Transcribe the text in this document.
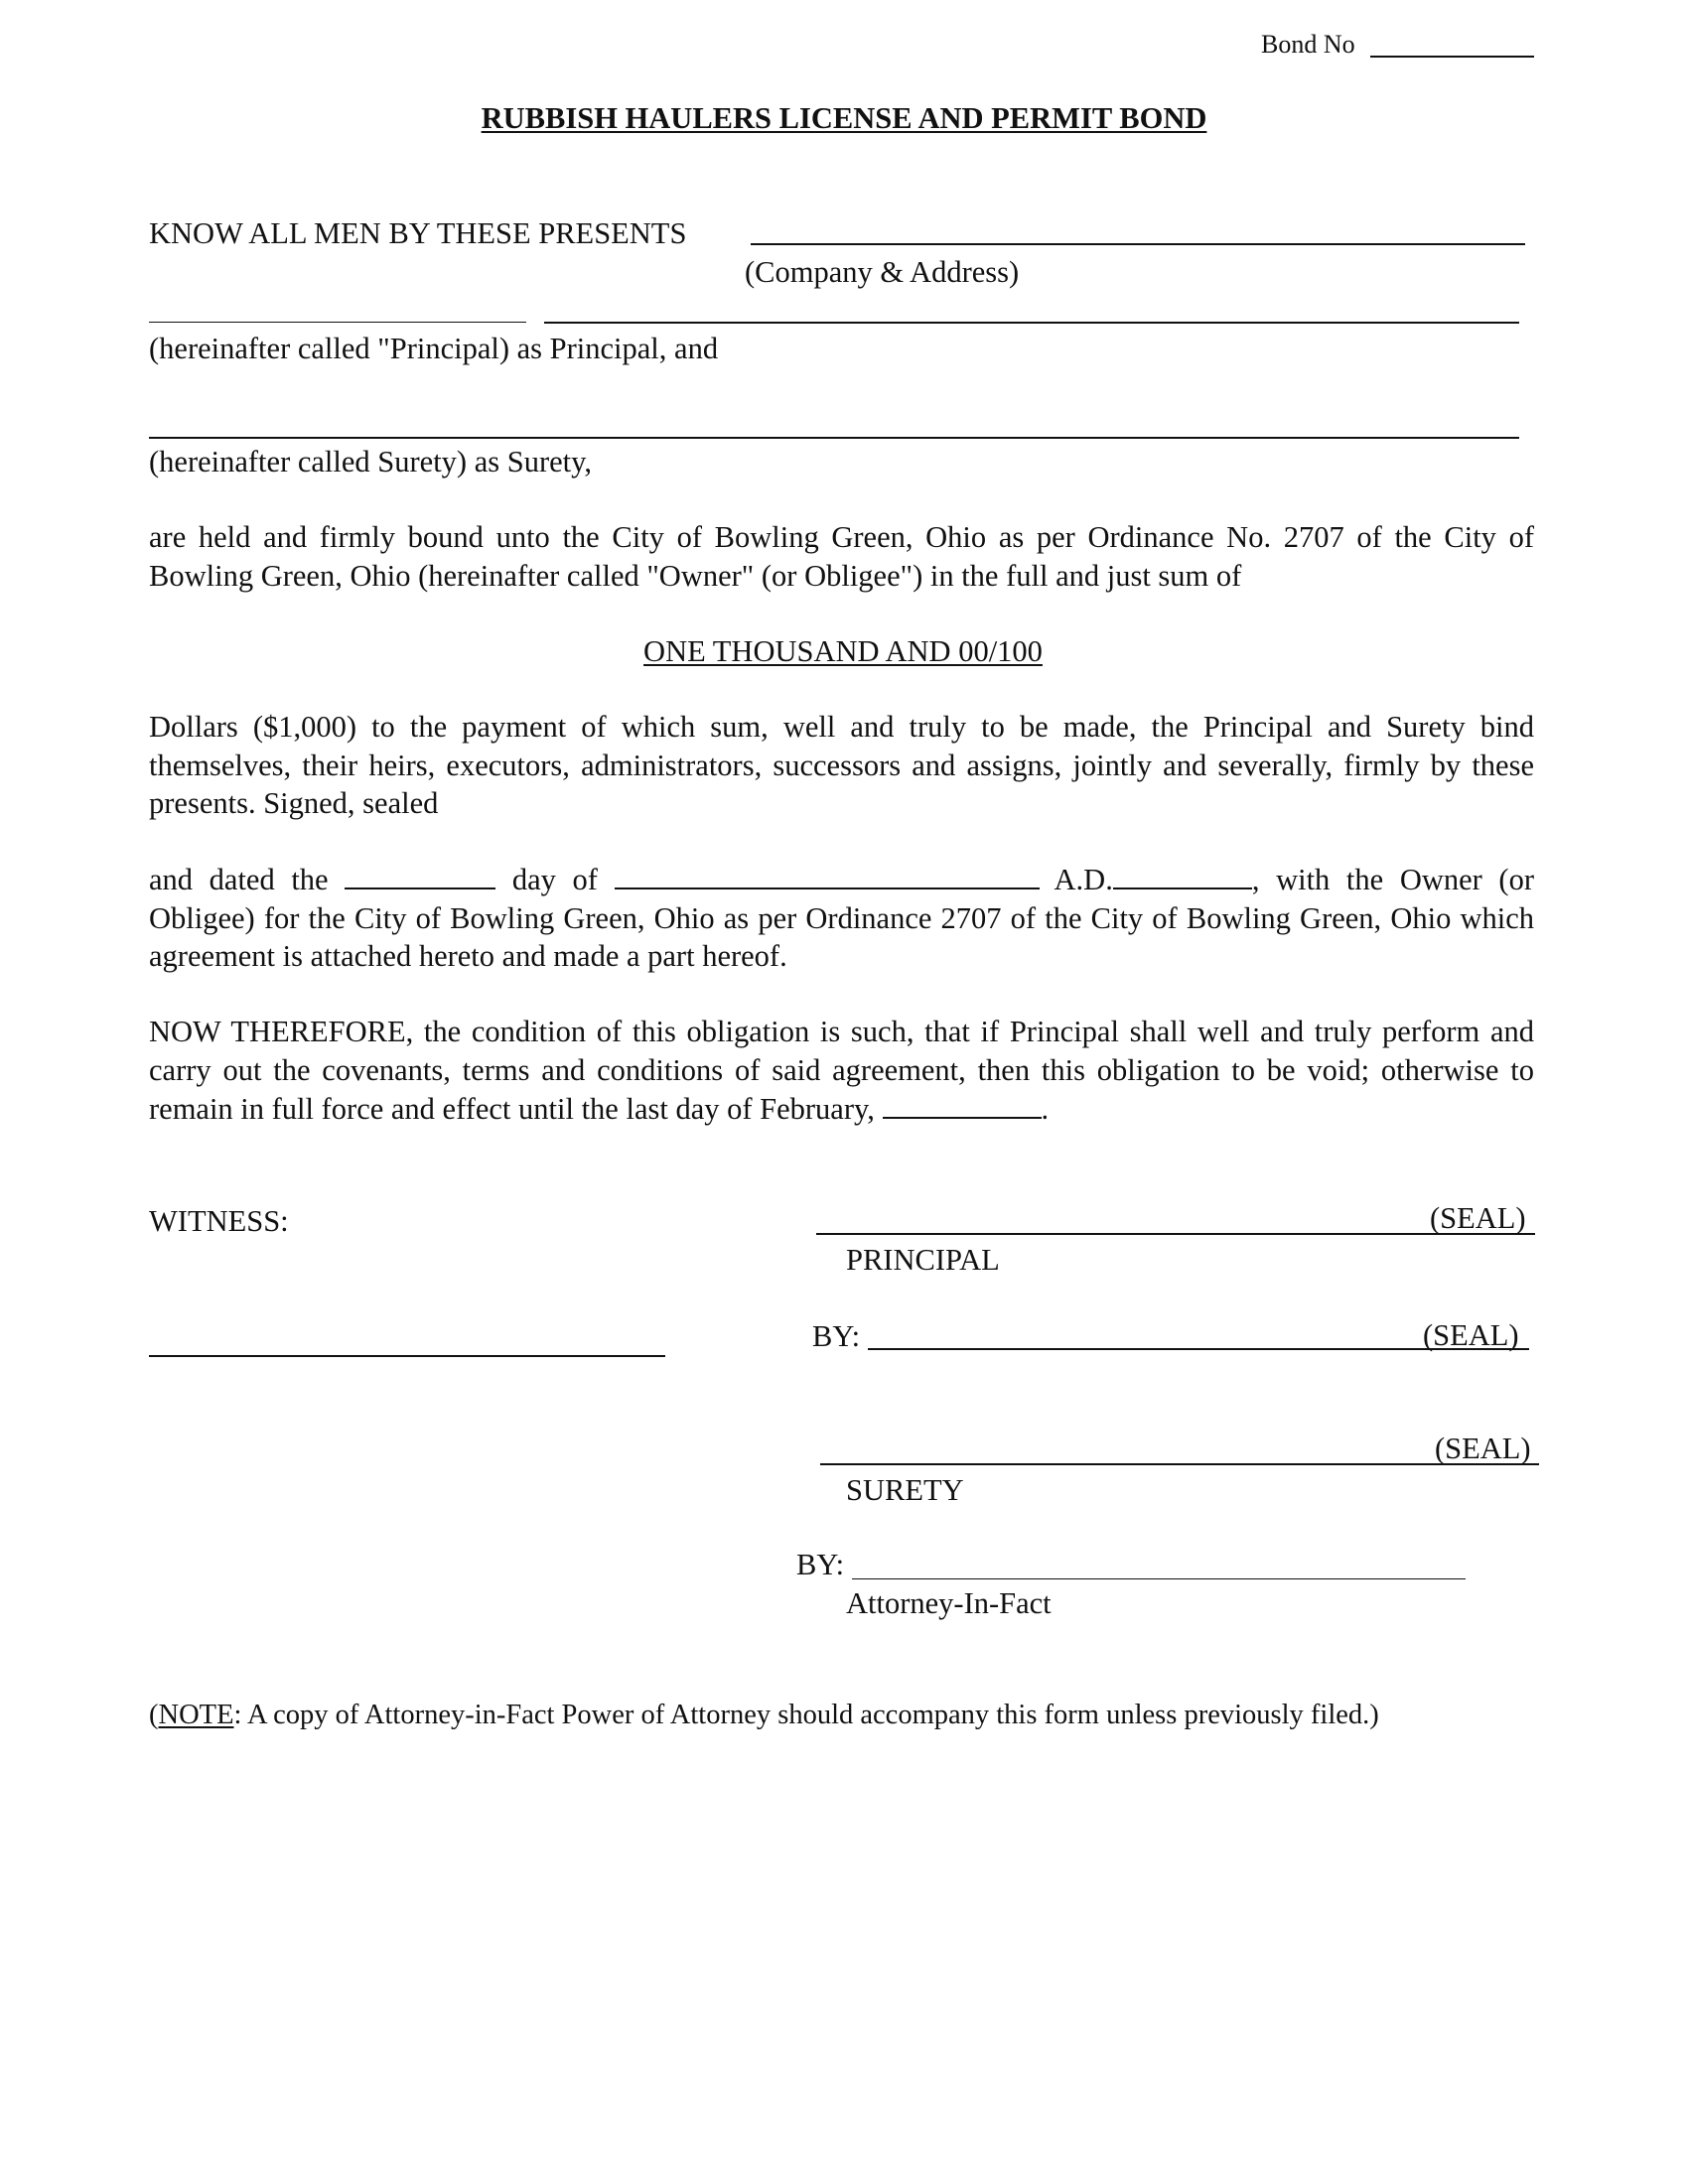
Bond No
RUBBISH HAULERS LICENSE AND PERMIT BOND
KNOW ALL MEN BY THESE PRESENTS
(Company & Address)
(hereinafter called "Principal) as Principal, and
(hereinafter called Surety) as Surety,
are held and firmly bound unto the City of Bowling Green, Ohio as per Ordinance No. 2707 of the City of Bowling Green, Ohio (hereinafter called "Owner" (or Obligee") in the full and just sum of
ONE THOUSAND AND 00/100
Dollars ($1,000) to the payment of which sum, well and truly to be made, the Principal and Surety bind themselves, their heirs, executors, administrators, successors and assigns, jointly and severally, firmly by these presents. Signed, sealed
and dated the	day of	A.D.	, with the Owner (or Obligee) for the City of Bowling Green, Ohio as per Ordinance 2707 of the City of Bowling Green, Ohio which agreement is attached hereto and made a part hereof.
NOW THEREFORE, the condition of this obligation is such, that if Principal shall well and truly perform and carry out the covenants, terms and conditions of said agreement, then this obligation to be void; otherwise to remain in full force and effect until the last day of February,	.
WITNESS:	(SEAL)
PRINCIPAL
BY:	(SEAL)
(SEAL)
SURETY
BY:
Attorney-In-Fact
(NOTE: A copy of Attorney-in-Fact Power of Attorney should accompany this form unless previously filed.)
